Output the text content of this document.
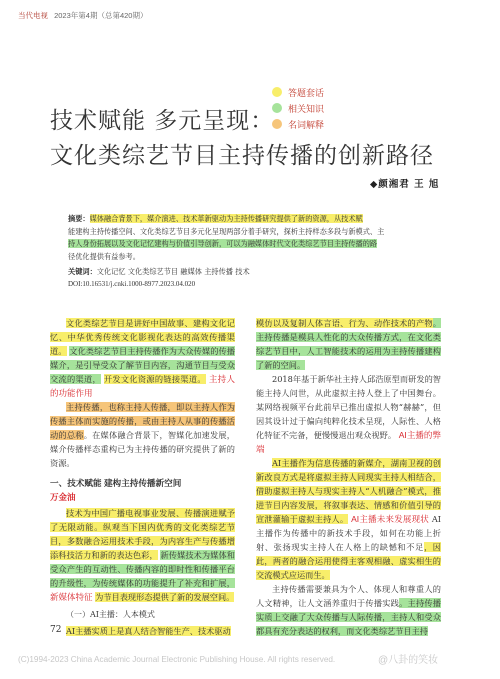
当代电视 2023年第4期（总第420期）
答题套话
相关知识
名词解释
技术赋能 多元呈现：
文化类综艺节目主持传播的创新路径
◆颜湘君 王 旭
摘要：媒体融合背景下，媒介演进、技术革新驱动为主持传播研究提供了新的资源，从技术赋
能建构主持传播空间、文化类综艺节目多元化呈现两部分着手研究，探析主持样态多段与新模式、主
持人身份拓展以及文化记忆建构与价值引导创新，可以为融媒体时代文化类综艺节目主持传播的路
径优化提供有益参考。
关键词：文化记忆 文化类综艺节目 融媒体 主持传播 技术
DOI:10.16531/j.cnki.1000-8977.2023.04.020

文化类综艺节目是讲好中国故事、建构文化记忆、中华优秀传统文化影视化表达的高效传播渠道。 文化类综艺节目主持传播作为大众传媒的传播媒介，是引导受众了解节目内容，沟通节目与受众交流的渠道， 开发文化资源的链接渠道。 主持人的功能作用

主持传播，也称主持人传播，即以主持人作为传播主体而实施的传播，或由主持人从事的传播活动的总称。在媒体融合背景下，智媒化加速发展，媒介传播样态重构已为主持传播的研究提供了新的资源。

一、技术赋能 建构主持传播新空间
万金油

技术为中国广播电视事业发展、传播演进赋予了无限动能。纵观当下国内优秀的文化类综艺节目，多数融合运用技术手段，为内容生产与传播增添科技活力和新的表达色彩， 新传媒技术为媒体和受众产生的互动性、传播内容的即时性和传播平台的升级性，为传统媒体的功能提升了补充和扩展， 新媒体特征 为节目表现形态提供了新的发展空间。

（一）AI主播：人本模式

AI主播实质上是真人结合智能生产、技术驱动

模仿以及复制人体言语、行为、动作技术的产物。主持传播是模具人性化的大众传播方式，在文化类综艺节目中，人工智能技术的运用为主持传播建构了新的空间。

2018年基于新华社主持人邱浩原型而研发的智能主持人问世，从此虚拟主持人登上了中国舞台。某网络视频平台此前早已推出虚拟人物“赫赫”，但因其设计过于偏向纯粹化技术呈现，人际性、人格化特征不完备，便慢慢退出观众视野。 AI主播的弊端

AI主播作为信息传播的新媒介，湖南卫视的创新改良方式是将虚拟主持人同现实主持人相结合，借助虚拟主持人与现实主持人“人机融合”模式，推进节目内容发展，将叙事表达、情感和价值引导的宣泄灌输于虚拟主持人。 AI主播未来发展现状 AI主播作为传播中的新技术手段，如何在功能上折射、张扬现实主持人在人格上的缺憾和不足，因此，两者的融合运用使得主客观相融、虚实相生的交流模式应运而生。

主持传播需要兼具为个人、体现人和尊重人的人文精神，让人文涵养重归于传播实践。主持传播实质上交融了大众传播与人际传播，主持人和受众都具有充分表达的权利，而文化类综艺节目主持

72
(C)1994-2023 China Academic Journal Electronic Publishing House. All rights reserved.	@八卦的笑妆
